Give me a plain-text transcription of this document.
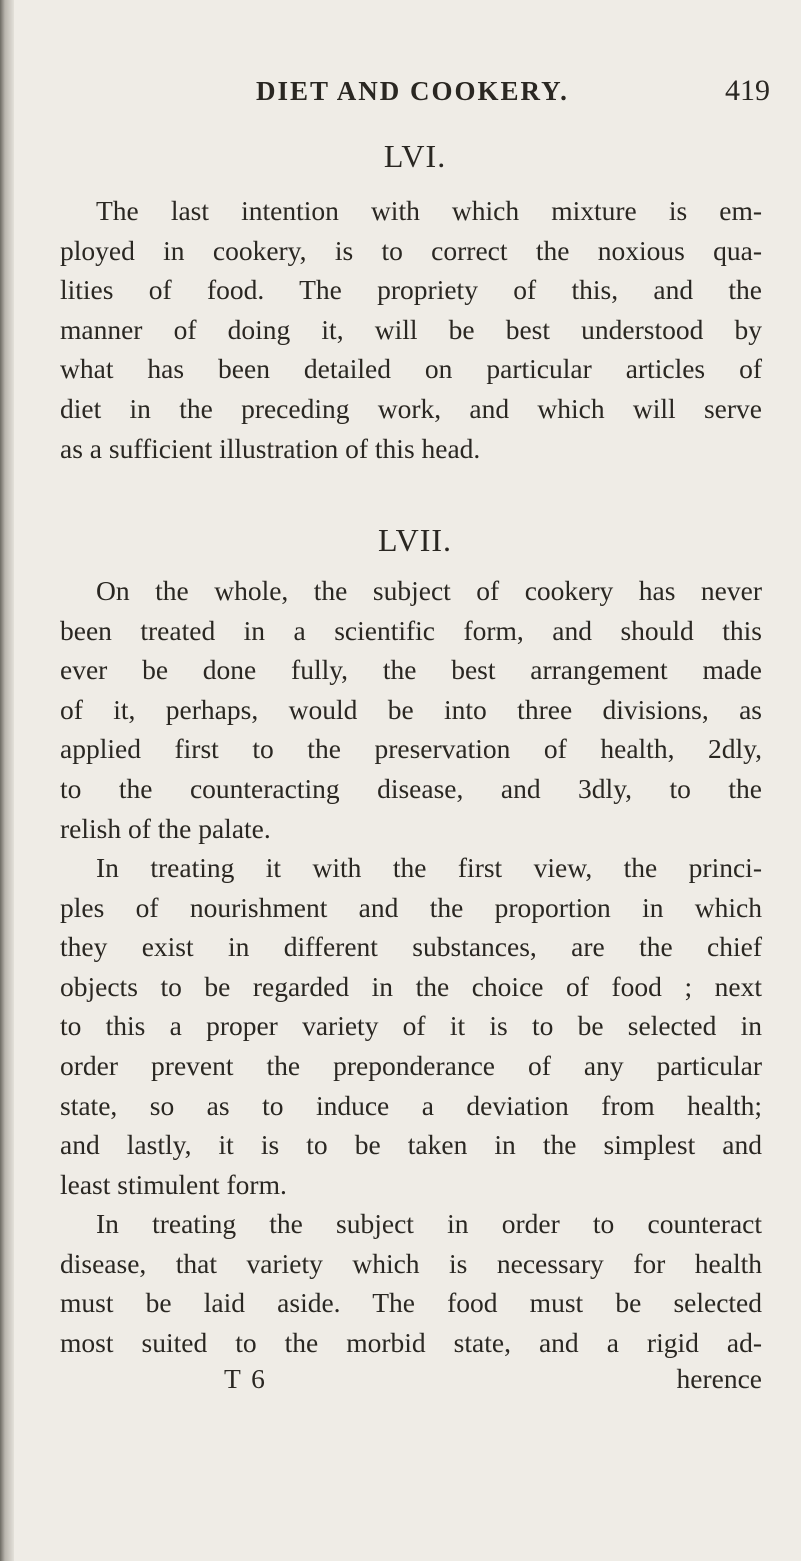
DIET AND COOKERY.	419
LVI.
The last intention with which mixture is em-
ployed in cookery, is to correct the noxious qua-
lities of food. The propriety of this, and the
manner of doing it, will be best understood by
what has been detailed on particular articles of
diet in the preceding work, and which will serve
as a sufficient illustration of this head.
LVII.
On the whole, the subject of cookery has never
been treated in a scientific form, and should this
ever be done fully, the best arrangement made
of it, perhaps, would be into three divisions, as
applied first to the preservation of health, 2dly,
to the counteracting disease, and 3dly, to the
relish of the palate.
In treating it with the first view, the princi-
ples of nourishment and the proportion in which
they exist in different substances, are the chief
objects to be regarded in the choice of food ; next
to this a proper variety of it is to be selected in
order prevent the preponderance of any particular
state, so as to induce a deviation from health;
and lastly, it is to be taken in the simplest and
least stimulent form.
In treating the subject in order to counteract
disease, that variety which is necessary for health
must be laid aside. The food must be selected
most suited to the morbid state, and a rigid ad-
T 6	herence
